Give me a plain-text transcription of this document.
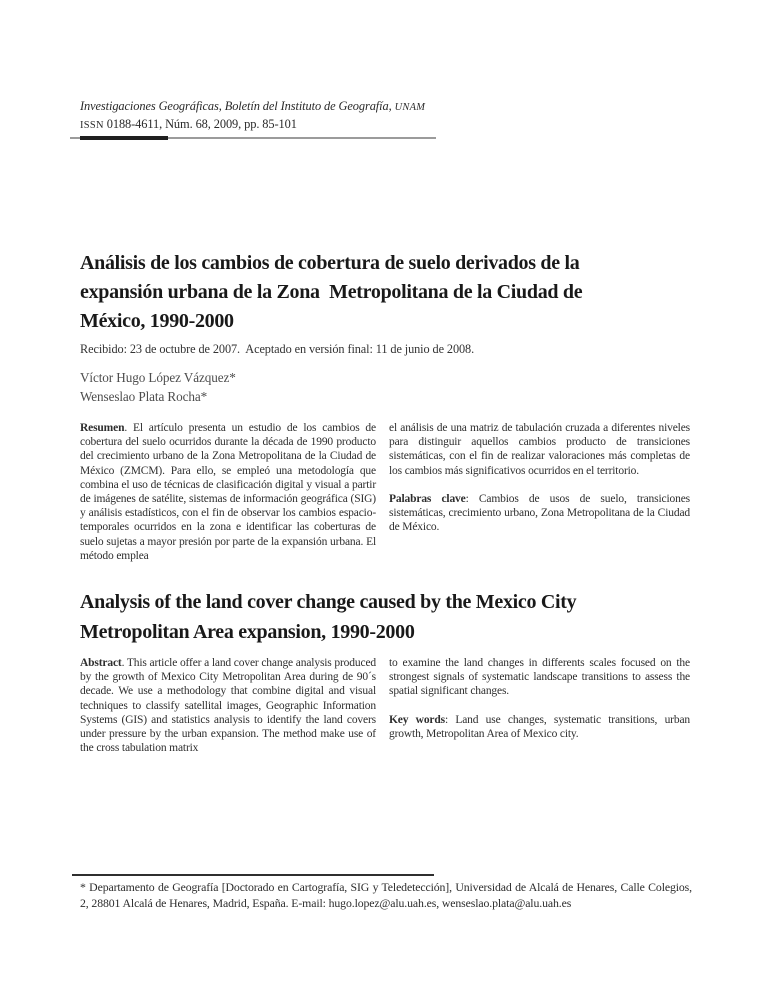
Investigaciones Geográficas, Boletín del Instituto de Geografía, UNAM
ISSN 0188-4611, Núm. 68, 2009, pp. 85-101
Análisis de los cambios de cobertura de suelo derivados de la
expansión urbana de la Zona  Metropolitana de la Ciudad de
México, 1990-2000
Recibido: 23 de octubre de 2007.  Aceptado en versión final: 11 de junio de 2008.
Víctor Hugo López Vázquez*
Wenseslao Plata Rocha*

Resumen. El artículo presenta un estudio de los cambios de cobertura del suelo ocurridos durante la década de 1990 producto del crecimiento urbano de la Zona Metropolitana de la Ciudad de México (ZMCM). Para ello, se empleó una metodología que combina el uso de técnicas de clasificación digital y visual a partir de imágenes de satélite, sistemas de información geográfica (SIG) y análisis estadísticos, con el fin de observar los cambios espacio-temporales ocurridos en la zona e identificar las coberturas de suelo sujetas a mayor presión por parte de la expansión urbana. El método emplea

el análisis de una matriz de tabulación cruzada a diferentes niveles para distinguir aquellos cambios producto de transiciones sistemáticas, con el fin de realizar valoraciones más completas de los cambios más significativos ocurridos en el territorio.

Palabras clave: Cambios de usos de suelo, transiciones sistemáticas, crecimiento urbano, Zona Metropolitana de la Ciudad de México.

Analysis of the land cover change caused by the Mexico City
Metropolitan Area expansion, 1990-2000

Abstract. This article offer a land cover change analysis produced by the growth of Mexico City Metropolitan Area during de 90´s decade. We use a methodology that combine digital and visual techniques to classify satellital images, Geographic Information Systems (GIS) and statistics analysis to identify the land covers under pressure by the urban expansion. The method make use of the cross tabulation matrix

to examine the land changes in differents scales focused on the strongest signals of systematic landscape transitions to assess the spatial significant changes.

Key words: Land use changes, systematic transitions, urban growth, Metropolitan Area of Mexico city.

* Departamento de Geografía [Doctorado en Cartografía, SIG y Teledetección], Universidad de Alcalá de Henares, Calle Colegios, 2, 28801 Alcalá de Henares, Madrid, España. E-mail: hugo.lopez@alu.uah.es, wenseslao.plata@alu.uah.es
